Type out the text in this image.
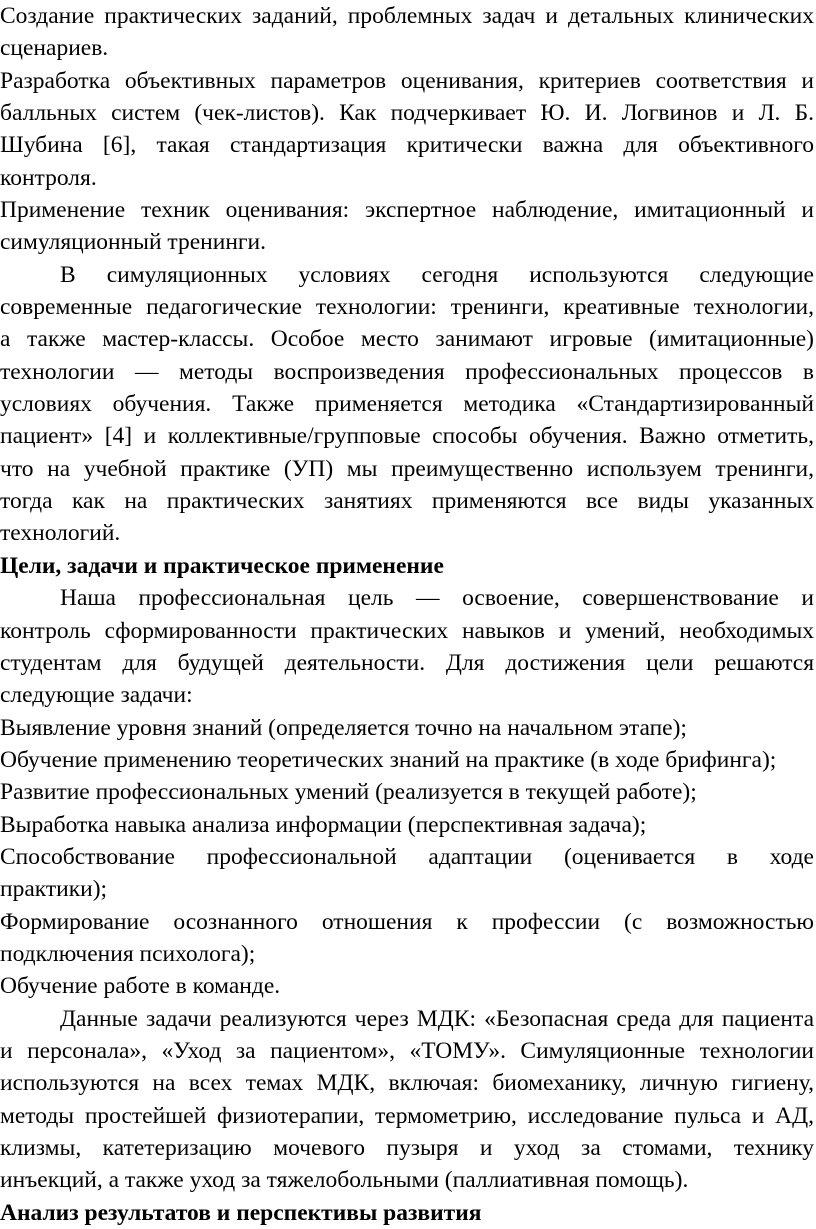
Создание практических заданий, проблемных задач и детальных клинических
сценариев.
Разработка объективных параметров оценивания, критериев соответствия и
балльных систем (чек-листов). Как подчеркивает Ю. И. Логвинов и Л. Б.
Шубина [6], такая стандартизация критически важна для объективного
контроля.
Применение техник оценивания: экспертное наблюдение, имитационный и
симуляционный тренинги.
В симуляционных условиях сегодня используются следующие
современные педагогические технологии: тренинги, креативные технологии,
а также мастер-классы. Особое место занимают игровые (имитационные)
технологии — методы воспроизведения профессиональных процессов в
условиях обучения. Также применяется методика «Стандартизированный
пациент» [4] и коллективные/групповые способы обучения. Важно отметить,
что на учебной практике (УП) мы преимущественно используем тренинги,
тогда как на практических занятиях применяются все виды указанных
технологий.
Цели, задачи и практическое применение
Наша профессиональная цель — освоение, совершенствование и
контроль сформированности практических навыков и умений, необходимых
студентам для будущей деятельности. Для достижения цели решаются
следующие задачи:
Выявление уровня знаний (определяется точно на начальном этапе);
Обучение применению теоретических знаний на практике (в ходе брифинга);
Развитие профессиональных умений (реализуется в текущей работе);
Выработка навыка анализа информации (перспективная задача);
Способствование профессиональной адаптации (оценивается в ходе
практики);
Формирование осознанного отношения к профессии (с возможностью
подключения психолога);
Обучение работе в команде.
Данные задачи реализуются через МДК: «Безопасная среда для пациента
и персонала», «Уход за пациентом», «ТОМУ». Симуляционные технологии
используются на всех темах МДК, включая: биомеханику, личную гигиену,
методы простейшей физиотерапии, термометрию, исследование пульса и АД,
клизмы, катетеризацию мочевого пузыря и уход за стомами, технику
инъекций, а также уход за тяжелобольными (паллиативная помощь).
Анализ результатов и перспективы развития
